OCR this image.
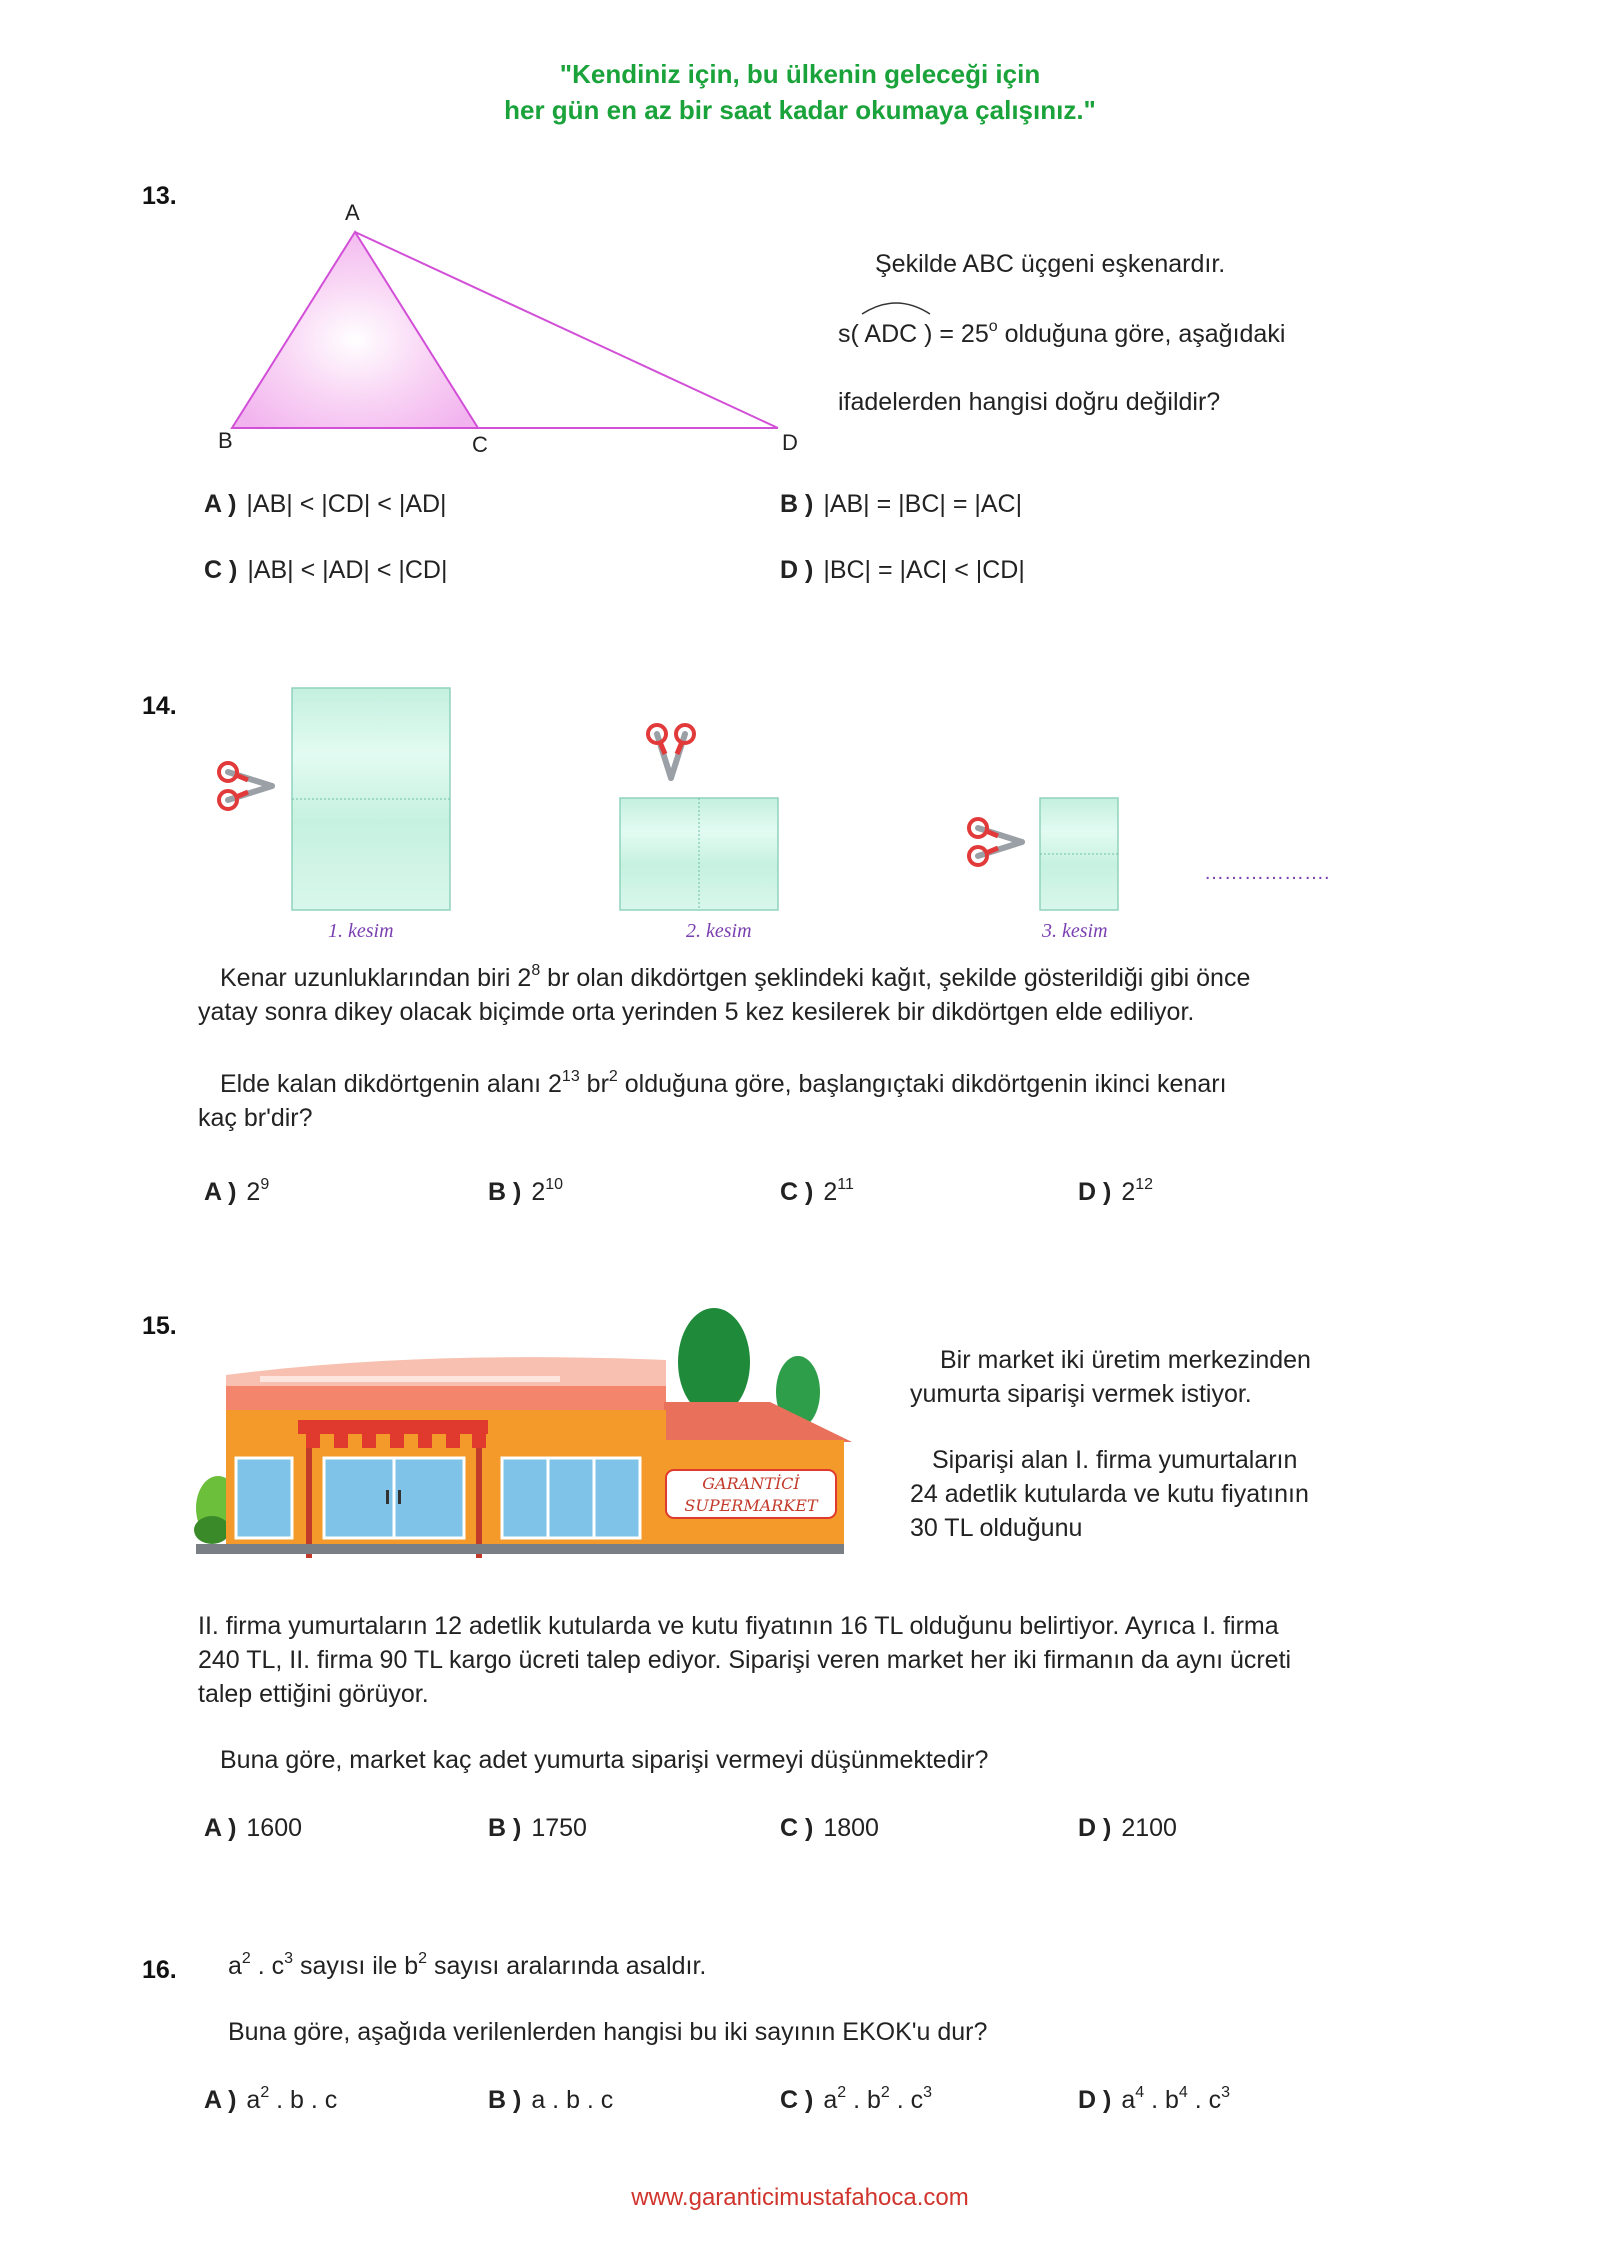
"Kendiniz için, bu ülkenin geleceği için
her gün en az bir saat kadar okumaya çalışınız."
13.
A
B	C	D
Şekilde ABC üçgeni eşkenardır.
s( ADC ) = $25^o$ olduğuna göre, aşağıdaki
ifadelerden hangisi doğru değildir?
A ) |AB| < |CD| < |AD|	B ) |AB| = |BC| = |AC|
C ) |AB| < |AD| < |CD|	D ) |BC| = |AC| < |CD|
14.
1. kesim	2. kesim	3. kesim
……………….
Kenar uzunluklarından biri $2^8$ br olan dikdörtgen şeklindeki kağıt, şekilde gösterildiği gibi önce
yatay sonra dikey olacak biçimde orta yerinden 5 kez kesilerek bir dikdörtgen elde ediliyor.
Elde kalan dikdörtgenin alanı $2^{13}$ $br^2$ olduğuna göre, başlangıçtaki dikdörtgenin ikinci kenarı
kaç br'dir?
A ) $2^9$	B ) $2^{10}$	C ) $2^{11}$	D ) $2^{12}$
15.
GARANTİCİ
SUPERMARKET
Bir market iki üretim merkezinden
yumurta siparişi vermek istiyor.
Siparişi alan I. firma yumurtaların
24 adetlik kutularda ve kutu fiyatının
30 TL olduğunu
II. firma yumurtaların 12 adetlik kutularda ve kutu fiyatının 16 TL olduğunu belirtiyor. Ayrıca I. firma
240 TL, II. firma 90 TL kargo ücreti talep ediyor. Siparişi veren market her iki firmanın da aynı ücreti
talep ettiğini görüyor.
Buna göre, market kaç adet yumurta siparişi vermeyi düşünmektedir?
A ) 1600	B ) 1750	C ) 1800	D ) 2100
16. $a^2$ . $c^3$ sayısı ile $b^2$ sayısı aralarında asaldır.
Buna göre, aşağıda verilenlerden hangisi bu iki sayının EKOK'u dur?
A ) $a^2$ . b . c	B ) a . b . c	C ) $a^2$ . $b^2$ . $c^3$	D ) $a^4$ . $b^4$ . $c^3$
www.garanticimustafahoca.com
